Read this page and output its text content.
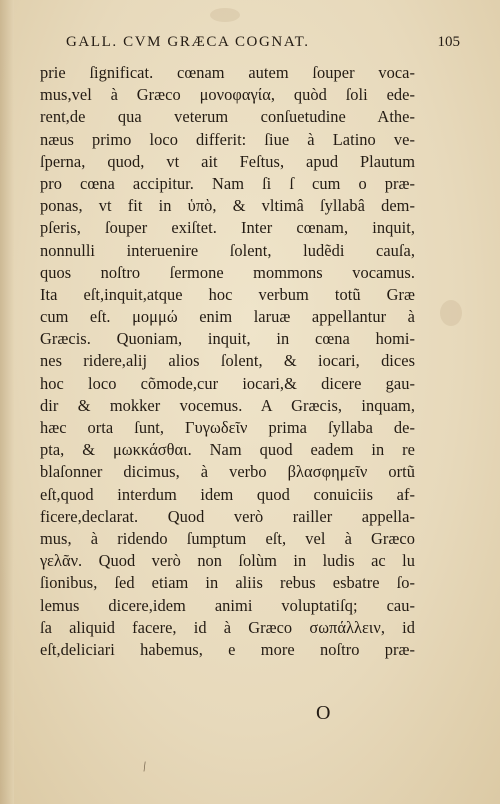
GALL. CVM GRÆCA COGNAT.	105
prie ſignificat. cœnam autem ſouper voca-
mus,vel à Græco μονοφαγία, quòd ſoli ede-
rent,de qua veterum conſuetudine Athe-
næus primo loco differit: ſiue à Latino ve-
ſperna, quod, vt ait Feſtus, apud Plautum
pro cœna accipitur. Nam ſi ſ cum o præ-
ponas, vt fit in ὑπὸ, & vltimâ ſyllabâ dem-
pſeris, ſouper exiſtet. Inter cœnam, inquit,
nonnulli interuenire ſolent, ludẽdi cauſa,
quos noſtro ſermone mommons vocamus.
Ita eſt,inquit,atque hoc verbum totũ Græ
cum eſt. μομμώ enim laruæ appellantur à
Græcis. Quoniam, inquit, in cœna homi-
nes ridere,alij alios ſolent, & iocari, dices
hoc loco cõmode,cur iocari,& dicere gau-
dir & mokker vocemus. A Græcis, inquam,
hæc orta ſunt, Γυγωδεῖν prima ſyllaba de-
pta, & μωκκάσθαι. Nam quod eadem in re
blaſonner dicimus, à verbo βλασφημεῖν ortũ
eſt,quod interdum idem quod conuiciis af-
ficere,declarat. Quod verò railler appella-
mus, à ridendo ſumptum eſt, vel à Græco
γελᾶν. Quod verò non ſolùm in ludis ac lu
ſionibus, ſed etiam in aliis rebus esbatre ſo-
lemus dicere,idem animi voluptatiſq; cau-
ſa aliquid facere, id à Græco σωπάλλειν, id
eſt,deliciari habemus, e more noſtro præ-
O
/
